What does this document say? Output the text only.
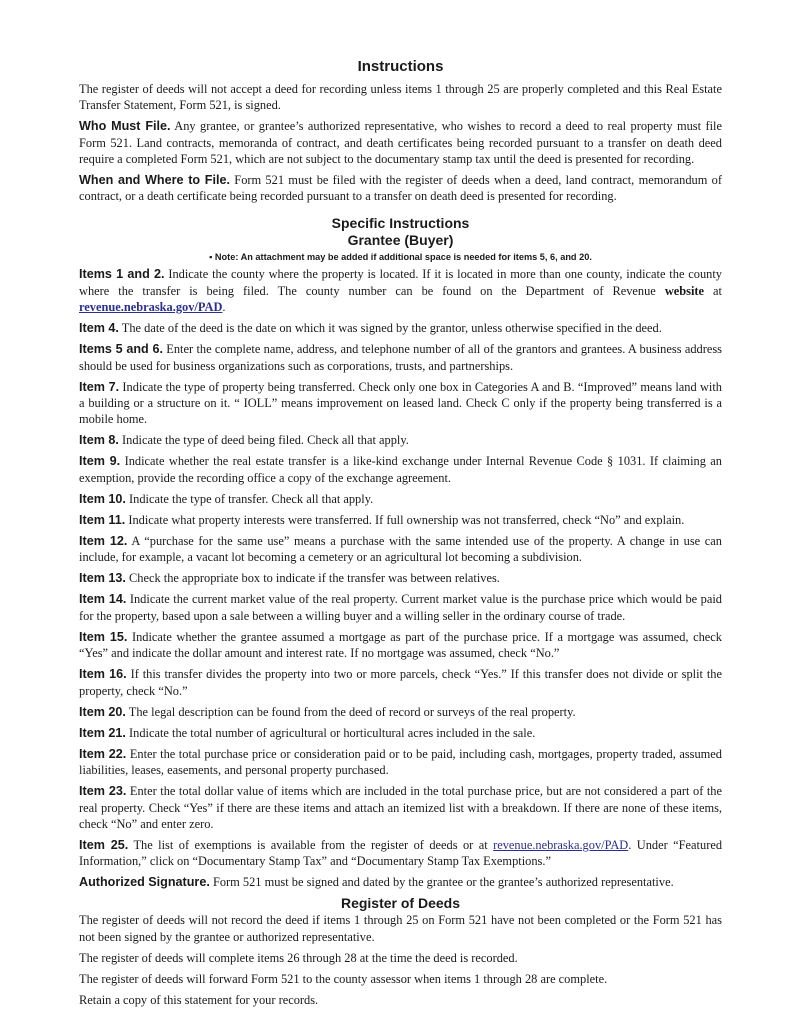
Instructions

The register of deeds will not accept a deed for recording unless items 1 through 25 are properly completed and this Real Estate Transfer Statement, Form 521, is signed.

Who Must File. Any grantee, or grantee’s authorized representative, who wishes to record a deed to real property must file Form 521. Land contracts, memoranda of contract, and death certificates being recorded pursuant to a transfer on death deed require a completed Form 521, which are not subject to the documentary stamp tax until the deed is presented for recording.

When and Where to File. Form 521 must be filed with the register of deeds when a deed, land contract, memorandum of contract, or a death certificate being recorded pursuant to a transfer on death deed is presented for recording.

Specific Instructions
Grantee (Buyer)
▪ Note: An attachment may be added if additional space is needed for items 5, 6, and 20.

Items 1 and 2. Indicate the county where the property is located. If it is located in more than one county, indicate the county where the transfer is being filed. The county number can be found on the Department of Revenue website at revenue.nebraska.gov/PAD.

Item 4. The date of the deed is the date on which it was signed by the grantor, unless otherwise specified in the deed.

Items 5 and 6. Enter the complete name, address, and telephone number of all of the grantors and grantees. A business address should be used for business organizations such as corporations, trusts, and partnerships.

Item 7. Indicate the type of property being transferred. Check only one box in Categories A and B. “Improved” means land with a building or a structure on it. “ IOLL” means improvement on leased land. Check C only if the property being transferred is a mobile home.

Item 8. Indicate the type of deed being filed. Check all that apply.

Item 9. Indicate whether the real estate transfer is a like-kind exchange under Internal Revenue Code § 1031. If claiming an exemption, provide the recording office a copy of the exchange agreement.

Item 10. Indicate the type of transfer. Check all that apply.

Item 11. Indicate what property interests were transferred. If full ownership was not transferred, check “No” and explain.

Item 12. A “purchase for the same use” means a purchase with the same intended use of the property. A change in use can include, for example, a vacant lot becoming a cemetery or an agricultural lot becoming a subdivision.

Item 13. Check the appropriate box to indicate if the transfer was between relatives.

Item 14. Indicate the current market value of the real property. Current market value is the purchase price which would be paid for the property, based upon a sale between a willing buyer and a willing seller in the ordinary course of trade.

Item 15. Indicate whether the grantee assumed a mortgage as part of the purchase price. If a mortgage was assumed, check “Yes” and indicate the dollar amount and interest rate. If no mortgage was assumed, check “No.”

Item 16. If this transfer divides the property into two or more parcels, check “Yes.” If this transfer does not divide or split the property, check “No.”

Item 20. The legal description can be found from the deed of record or surveys of the real property.

Item 21. Indicate the total number of agricultural or horticultural acres included in the sale.

Item 22. Enter the total purchase price or consideration paid or to be paid, including cash, mortgages, property traded, assumed liabilities, leases, easements, and personal property purchased.

Item 23. Enter the total dollar value of items which are included in the total purchase price, but are not considered a part of the real property. Check “Yes” if there are these items and attach an itemized list with a breakdown. If there are none of these items, check “No” and enter zero.

Item 25. The list of exemptions is available from the register of deeds or at revenue.nebraska.gov/PAD. Under “Featured Information,” click on “Documentary Stamp Tax” and “Documentary Stamp Tax Exemptions.”

Authorized Signature. Form 521 must be signed and dated by the grantee or the grantee’s authorized representative.

Register of Deeds

The register of deeds will not record the deed if items 1 through 25 on Form 521 have not been completed or the Form 521 has not been signed by the grantee or authorized representative.

The register of deeds will complete items 26 through 28 at the time the deed is recorded.

The register of deeds will forward Form 521 to the county assessor when items 1 through 28 are complete.

Retain a copy of this statement for your records.
